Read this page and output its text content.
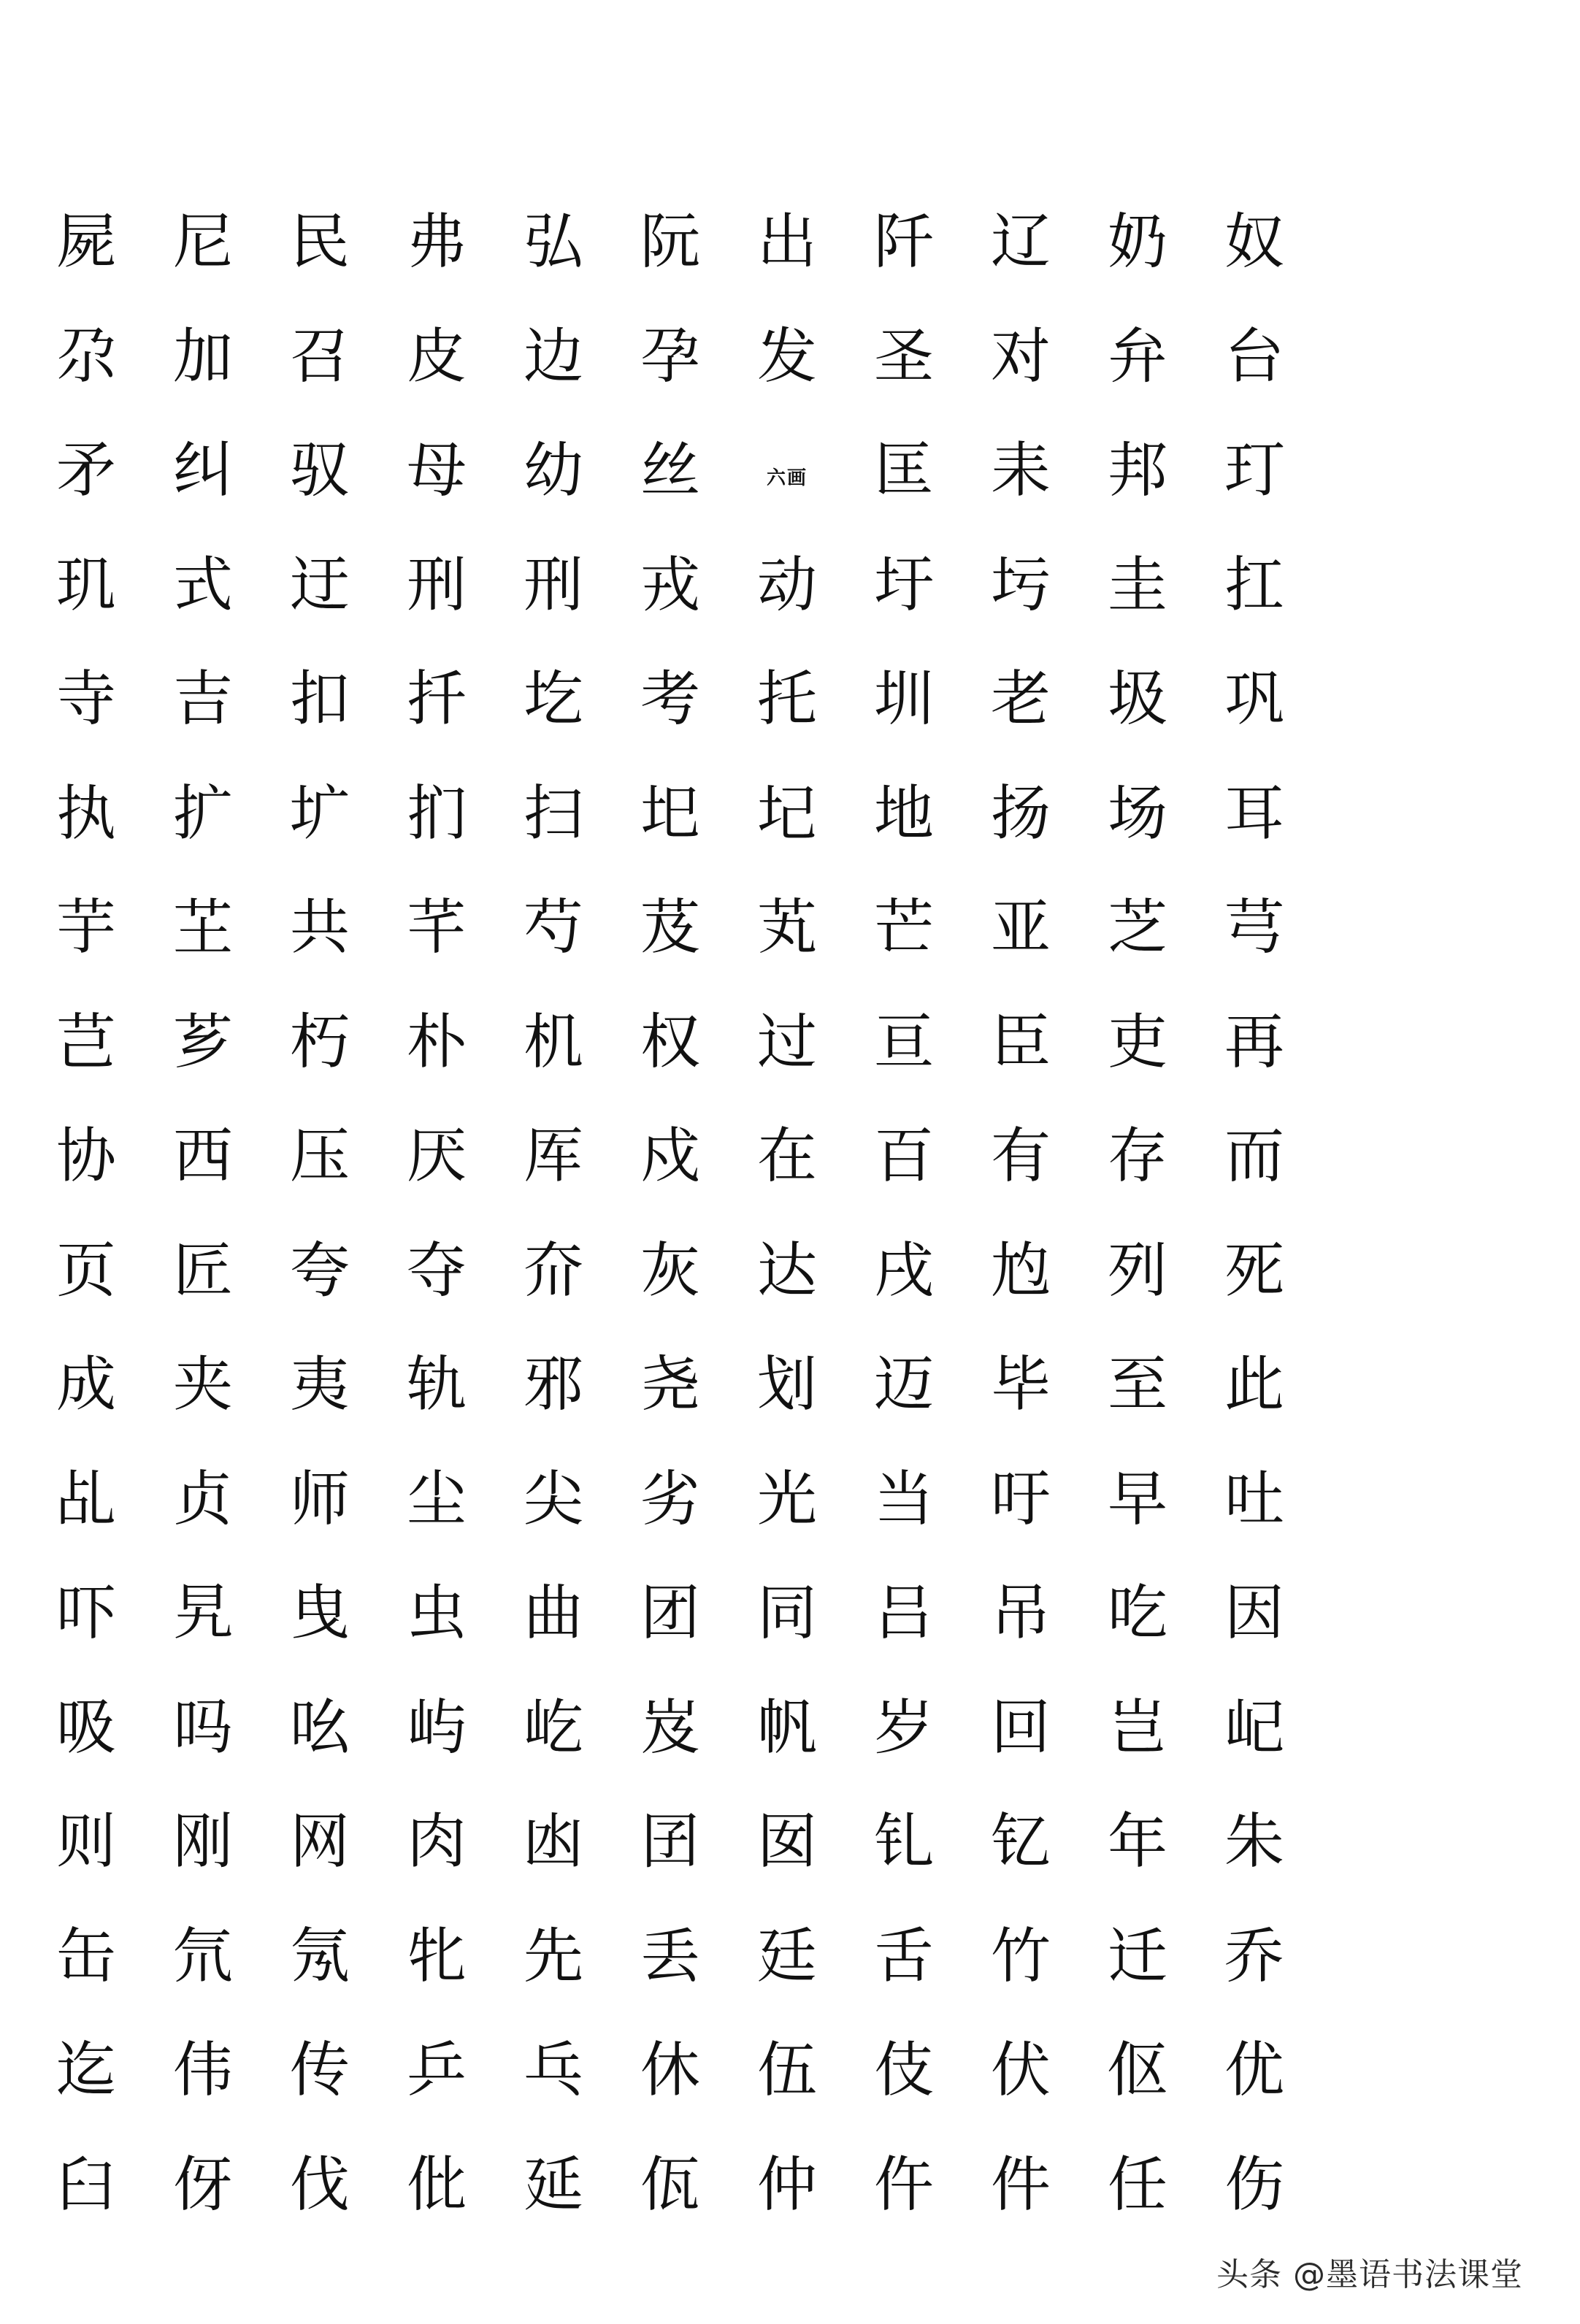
屍 尼 民 弗 弘 阮 出 阡 辽 奶 奴
尕 加 召 皮 边 孕 发 圣 对 弁 台
矛 纠 驭 母 幼 丝	六画	匡 耒 邦 玎
玑 式 迂 刑 刑 戎 动 圩 圬 圭 扛
寺 吉 扣 扦 圪 考 托 圳 老 圾 巩
执 扩 圹 扪 扫 圯 圮 地 扬 场 耳
芋 芏 共 芊 芍 芨 芄 芒 亚 芝 芎
芑 芗 朽 朴 机 权 过 亘 臣 吏 再
协 西 压 厌 厍 戍 在 百 有 存 而
页 匠 夸 夺 夼 灰 达 戌 尥 列 死
成 夹 夷 轨 邪 尧 划 迈 毕 至 此
乩 贞 师 尘 尖 劣 光 当 吁 早 吐
吓 旯 曳 虫 曲 团 同 吕 吊 吃 因
吸 吗 吆 屿 屹 岌 帆 岁 回 岂 屺
则 刚 网 肉 凼 囝 囡 钆 钇 年 朱
缶 氘 氖 牝 先 丢 廷 舌 竹 迁 乔
迄 伟 传 乒 乓 休 伍 伎 伏 伛 优
臼 伢 伐 仳 延 佤 仲 仵 件 任 伤
头条 @墨语书法课堂
